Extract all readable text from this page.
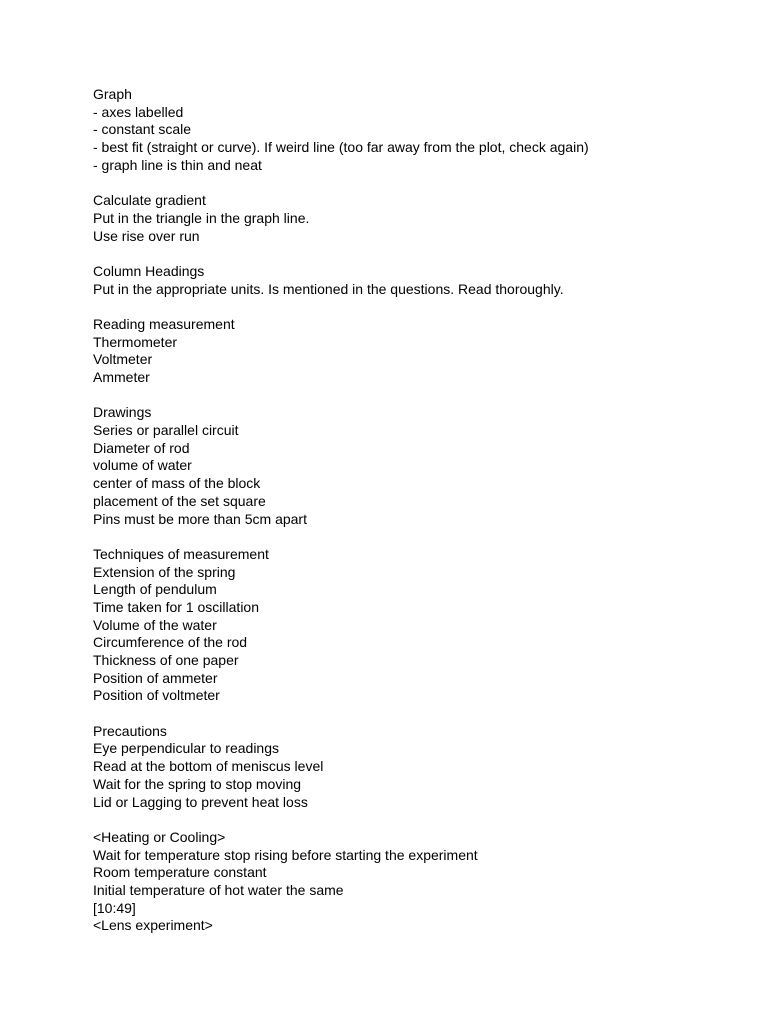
Graph
- axes labelled
- constant scale
- best fit (straight or curve). If weird line (too far away from the plot, check again)
- graph line is thin and neat
Calculate gradient
Put in the triangle in the graph line.
Use rise over run
Column Headings
Put in the appropriate units. Is mentioned in the questions. Read thoroughly.
Reading measurement
Thermometer
Voltmeter
Ammeter
Drawings
Series or parallel circuit
Diameter of rod
volume of water
center of mass of the block
placement of the set square
Pins must be more than 5cm apart
Techniques of measurement
Extension of the spring
Length of pendulum
Time taken for 1 oscillation
Volume of the water
Circumference of the rod
Thickness of one paper
Position of ammeter
Position of voltmeter
Precautions
Eye perpendicular to readings
Read at the bottom of meniscus level
Wait for the spring to stop moving
Lid or Lagging to prevent heat loss
<Heating or Cooling>
Wait for temperature stop rising before starting the experiment
Room temperature constant
Initial temperature of hot water the same
[10:49]
<Lens experiment>
